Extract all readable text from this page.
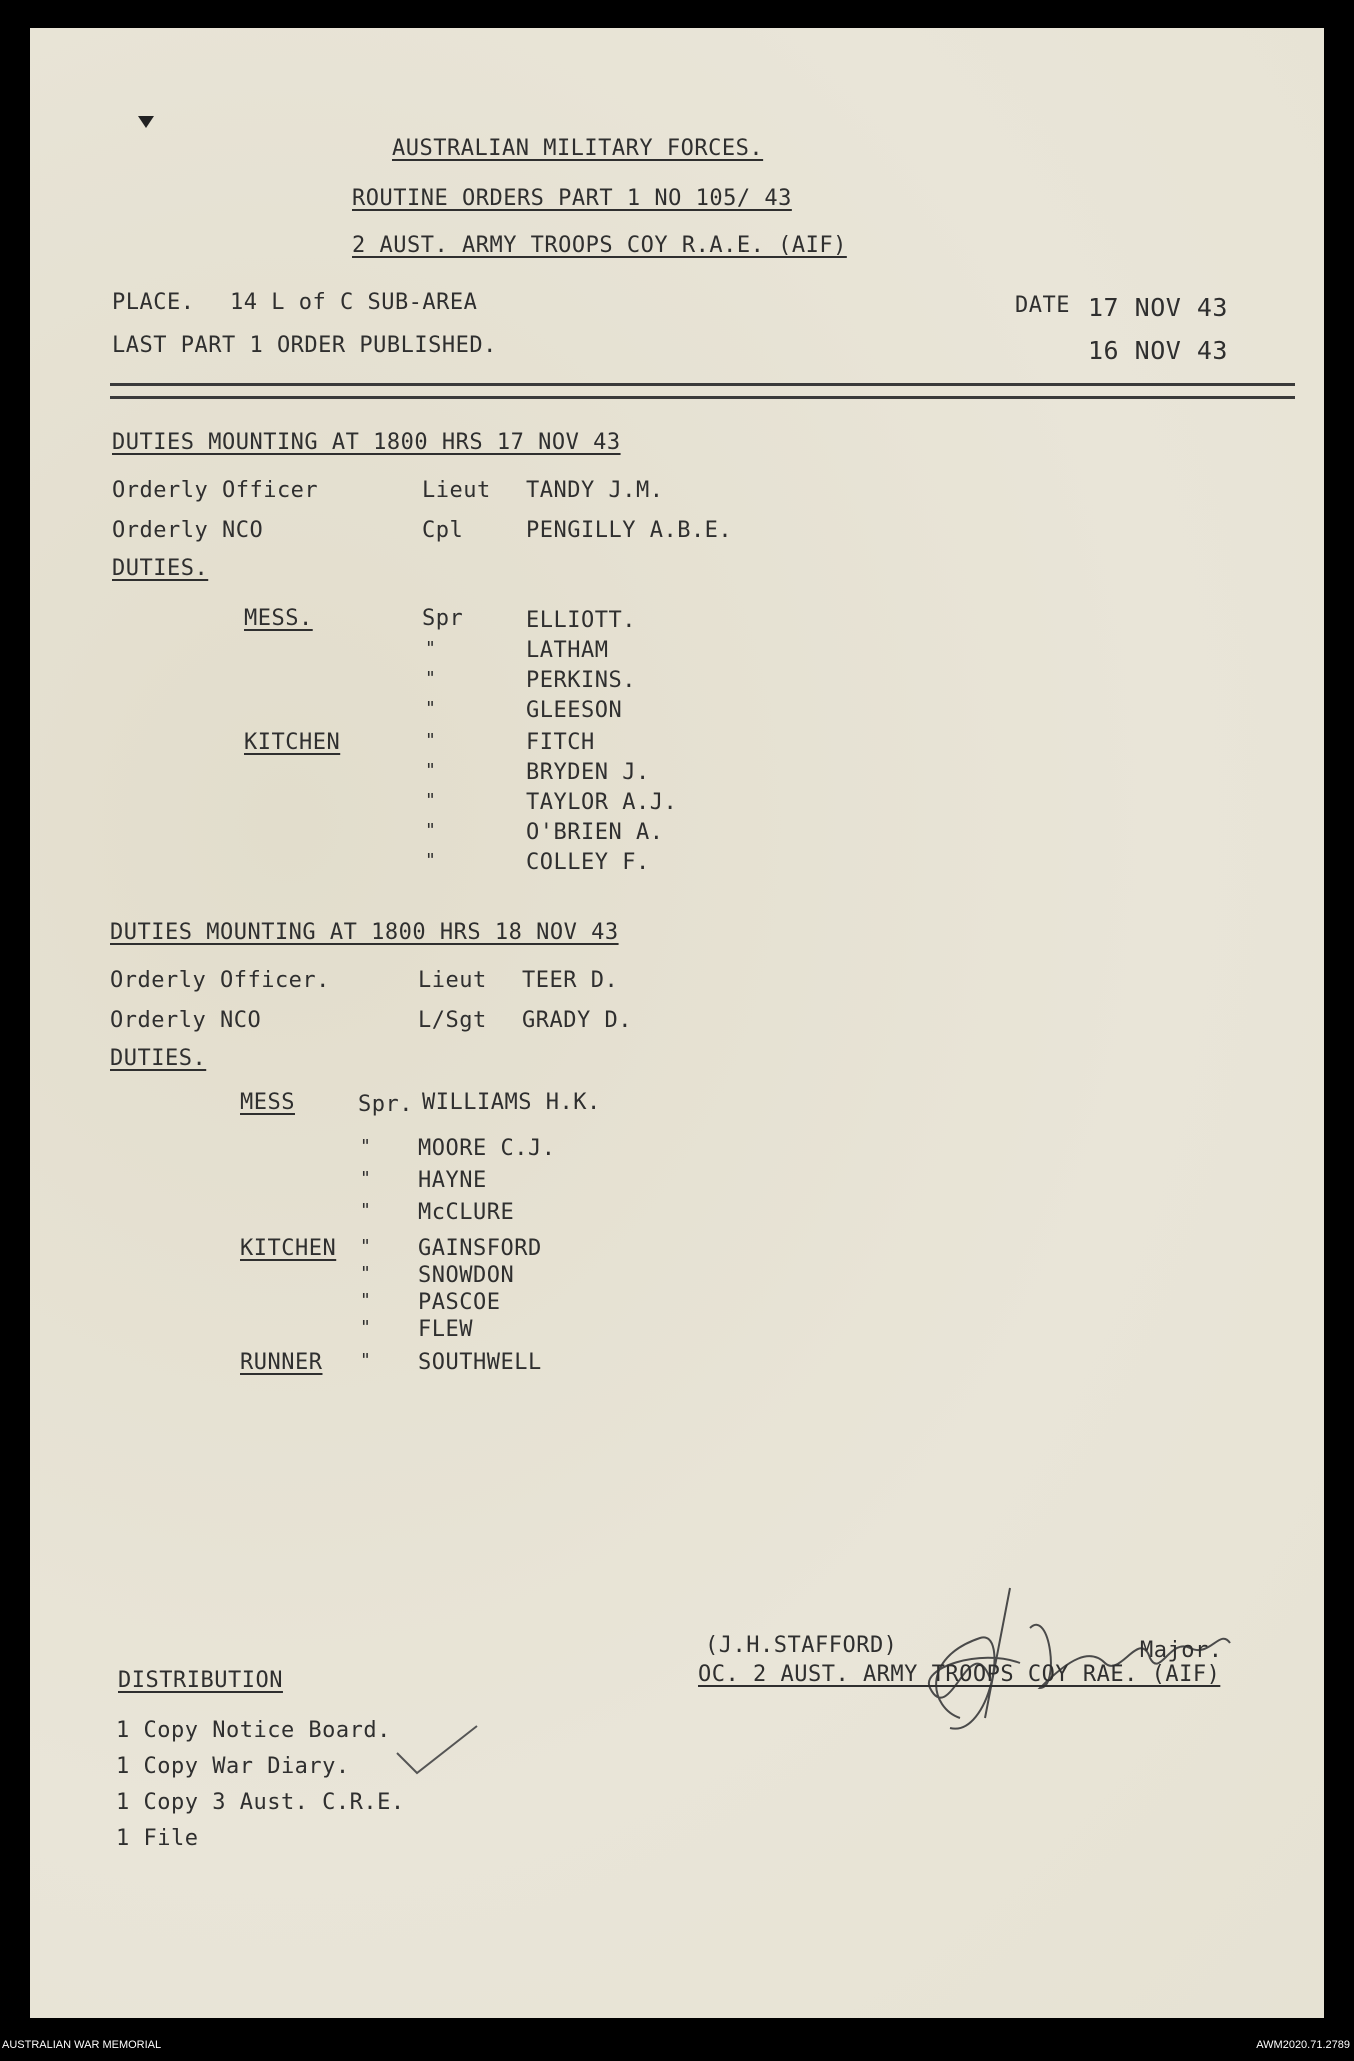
AUSTRALIAN MILITARY FORCES.
ROUTINE ORDERS PART 1 NO 105/ 43
2 AUST. ARMY TROOPS COY R.A.E. (AIF)
PLACE. 14 L of C SUB-AREA
LAST PART 1 ORDER PUBLISHED.
DATE 17 NOV 43
16 NOV 43
DUTIES MOUNTING AT 1800 HRS 17 NOV 43
Orderly Officer	Lieut TANDY J.M.
Orderly NCO	Cpl	PENGILLY A.B.E.
DUTIES.
MESS.	Spr	ELLIOTT.
"	LATHAM
"	PERKINS.
"	GLEESON
KITCHEN	"	FITCH
"	BRYDEN J.
"	TAYLOR A.J.
"	O'BRIEN A.
"	COLLEY F.
DUTIES MOUNTING AT 1800 HRS 18 NOV 43
Orderly Officer.	Lieut TEER D.
Orderly NCO	L/Sgt GRADY D.
DUTIES.
MESS	Spr. WILLIAMS H.K.
" MOORE C.J.
" HAYNE
" McCLURE
KITCHEN " GAINSFORD
" SNOWDON
" PASCOE
" FLEW
RUNNER " SOUTHWELL
(J.H.STAFFORD)	Major.
OC. 2 AUST. ARMY TROOPS COY RAE. (AIF)
DISTRIBUTION
1 Copy Notice Board.
1 Copy War Diary.
1 Copy 3 Aust. C.R.E.
1 File
AUSTRALIAN WAR MEMORIAL	AWM2020.71.2789
